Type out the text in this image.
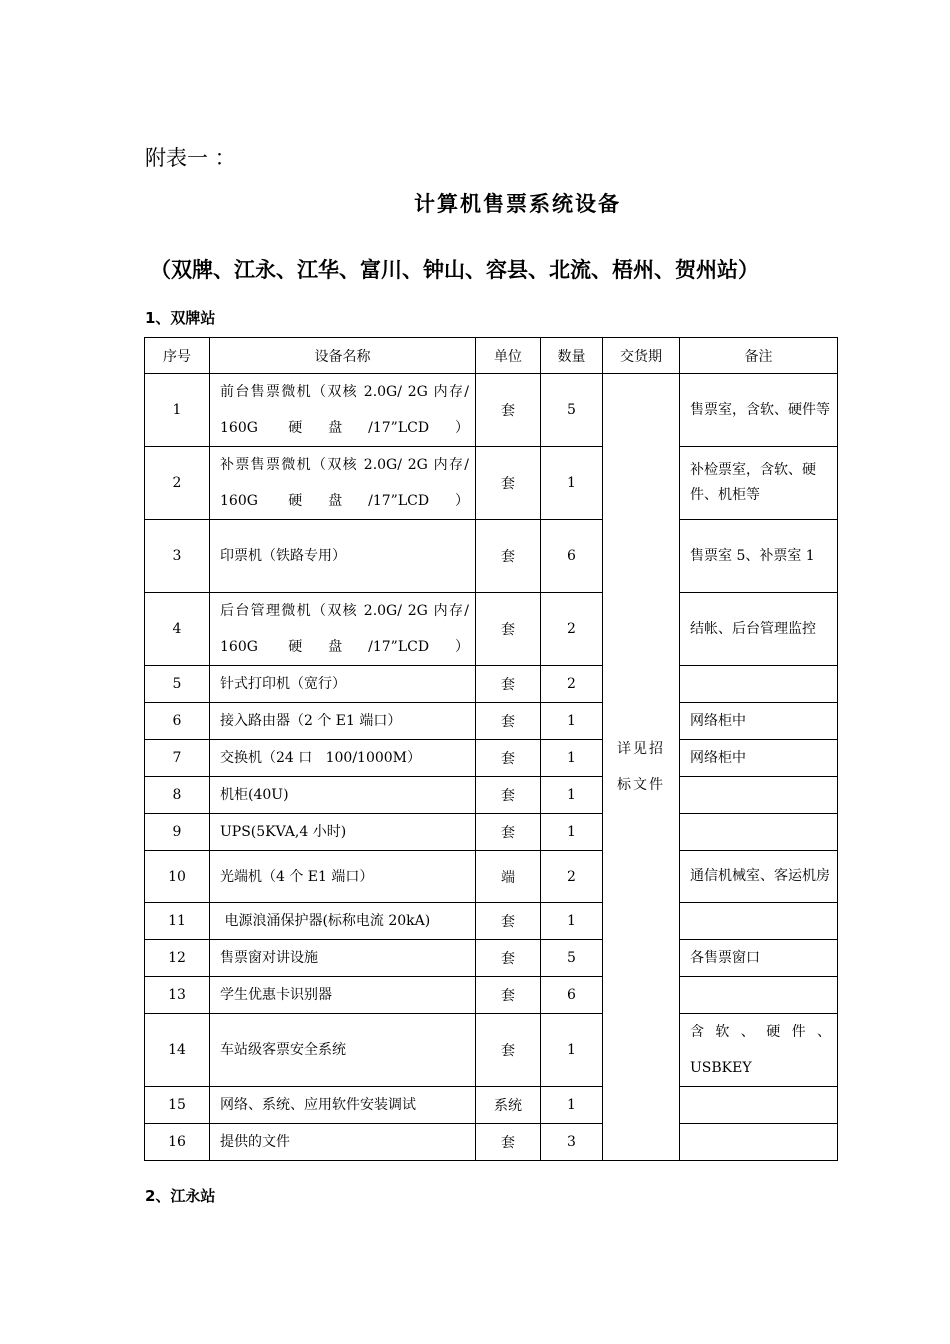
附表一 ：
计算机售票系统设备
（双牌、江永、江华、富川、钟山、容县、北流、梧州、贺州站）
1、双牌站
序号	设备名称	单位	数量	交货期	备注
1	前台售票微机（双核 2.0G/ 2G 内存/ 160G 硬盘/17”LCD）	套	5	详见招标文件	售票室，含软、硬件等
2	补票售票微机（双核 2.0G/ 2G 内存/ 160G 硬盘/17”LCD）	套	1		补检票室，含软、硬件、机柜等
3	印票机（铁路专用）	套	6		售票室 5、补票室 1
4	后台管理微机（双核 2.0G/ 2G 内存/ 160G 硬盘/17”LCD）	套	2		结帐、后台管理监控
5	针式打印机（宽行）	套	2		
6	接入路由器（2 个 E1 端口）	套	1		网络柜中
7	交换机（24 口   100/1000M）	套	1		网络柜中
8	机柜(40U)	套	1		
9	UPS(5KVA,4 小时)	套	1		
10	光端机（4 个 E1 端口）	端	2		通信机械室、客运机房
11	电源浪涌保护器(标称电流 20kA)	套	1		
12	售票窗对讲设施	套	5		各售票窗口
13	学生优惠卡识别器	套	6		
14	车站级客票安全系统	套	1		含软、硬件、USBKEY
15	网络、系统、应用软件安装调试	系统	1		
16	提供的文件	套	3		
2、江永站
